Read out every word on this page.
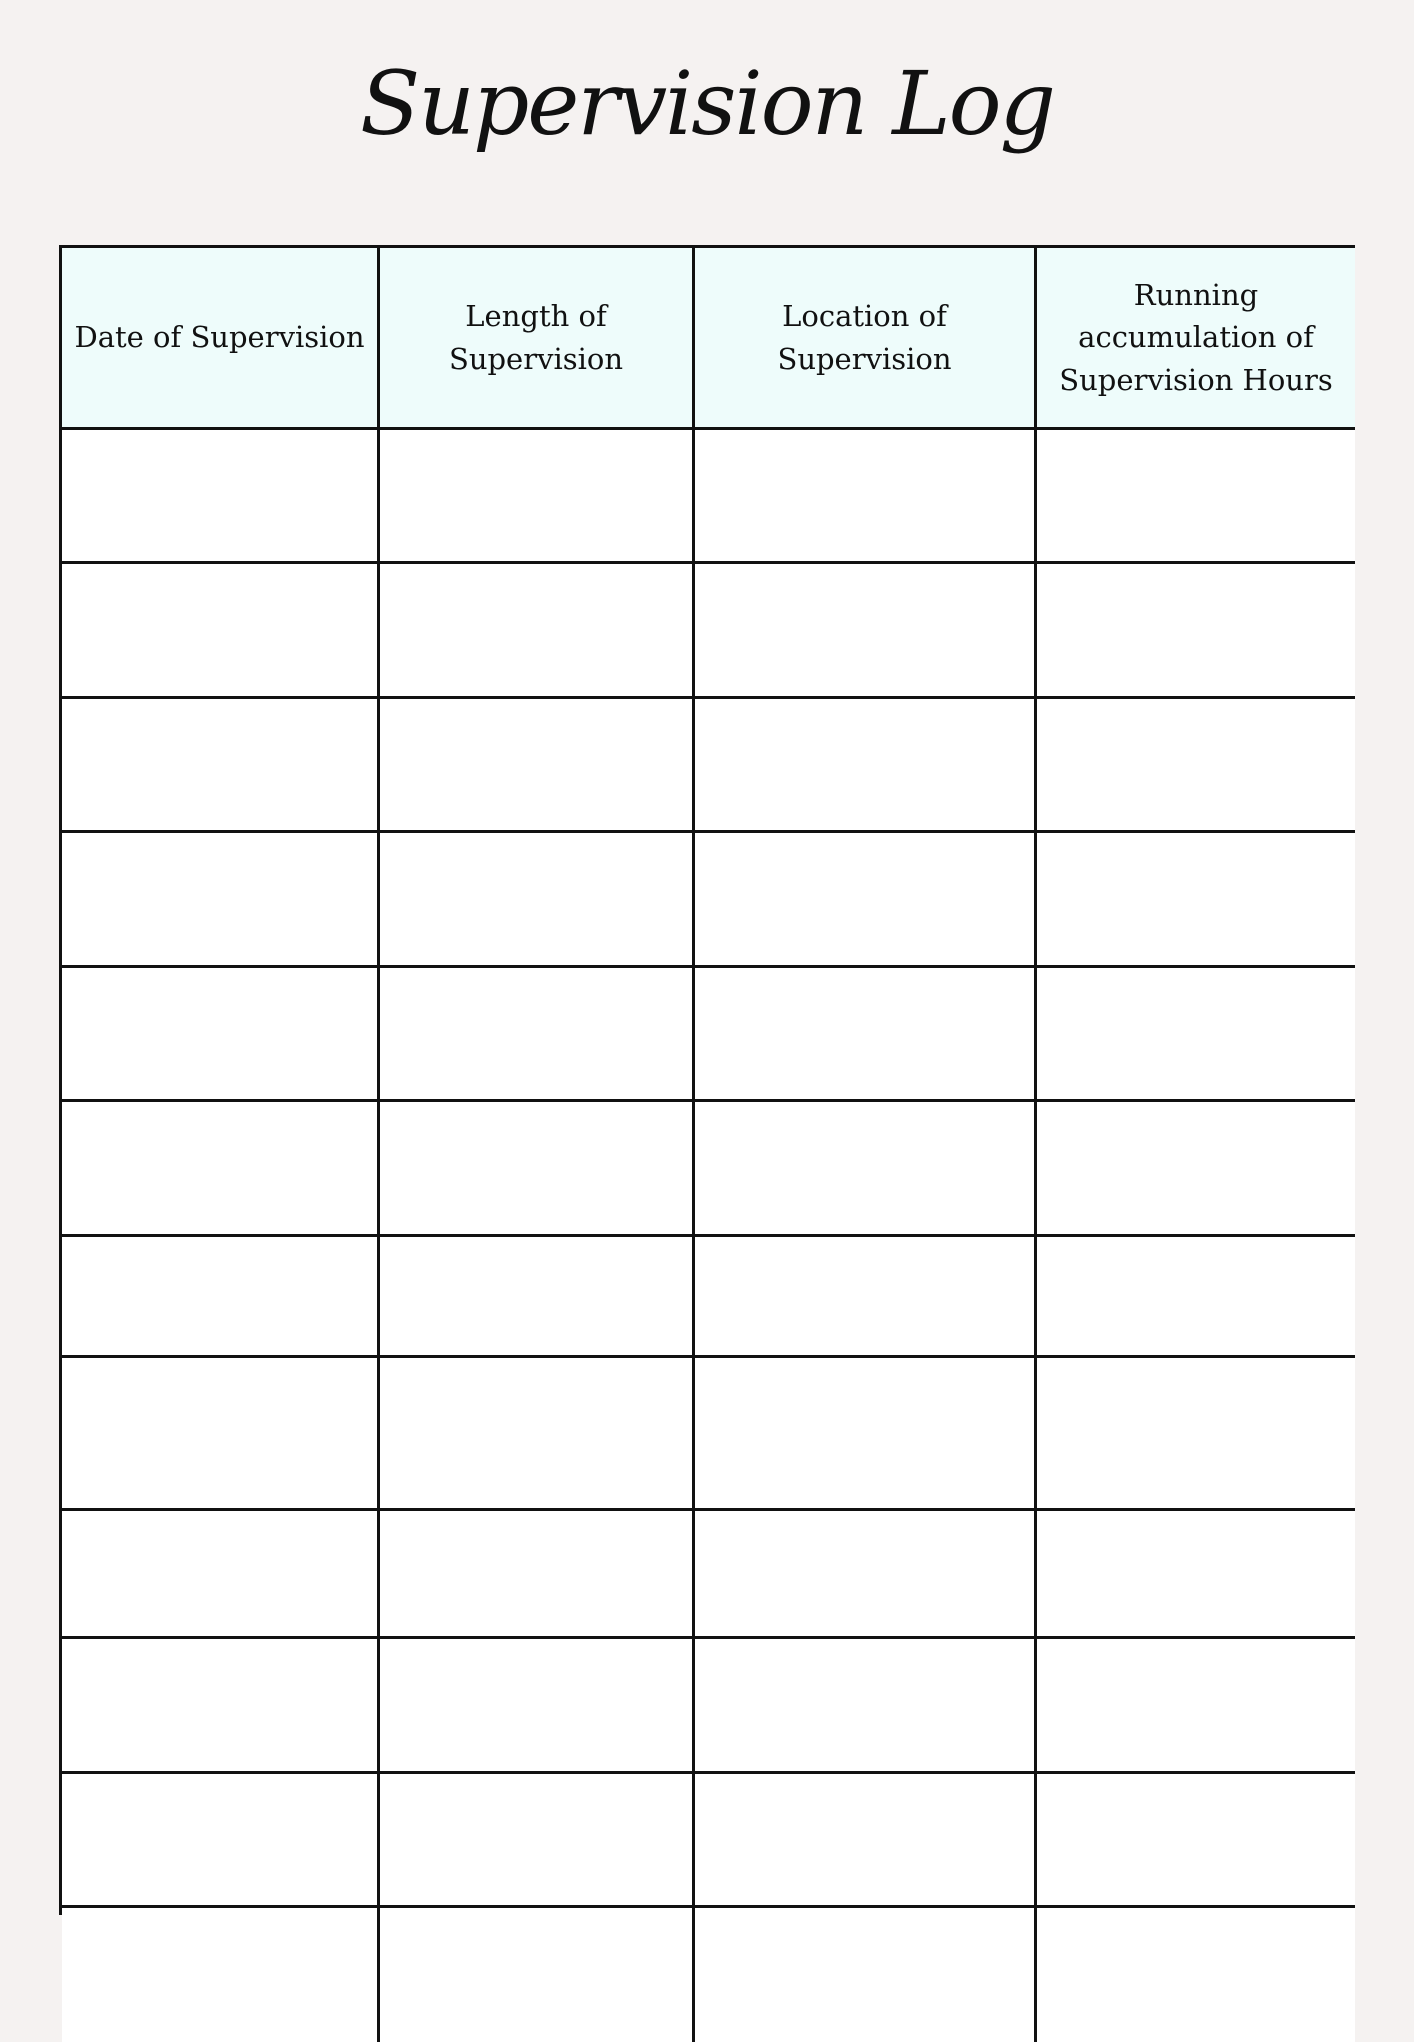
Supervision Log
Date of Supervision
Length of
Supervision
Location of
Supervision
Running
accumulation of
Supervision Hours
